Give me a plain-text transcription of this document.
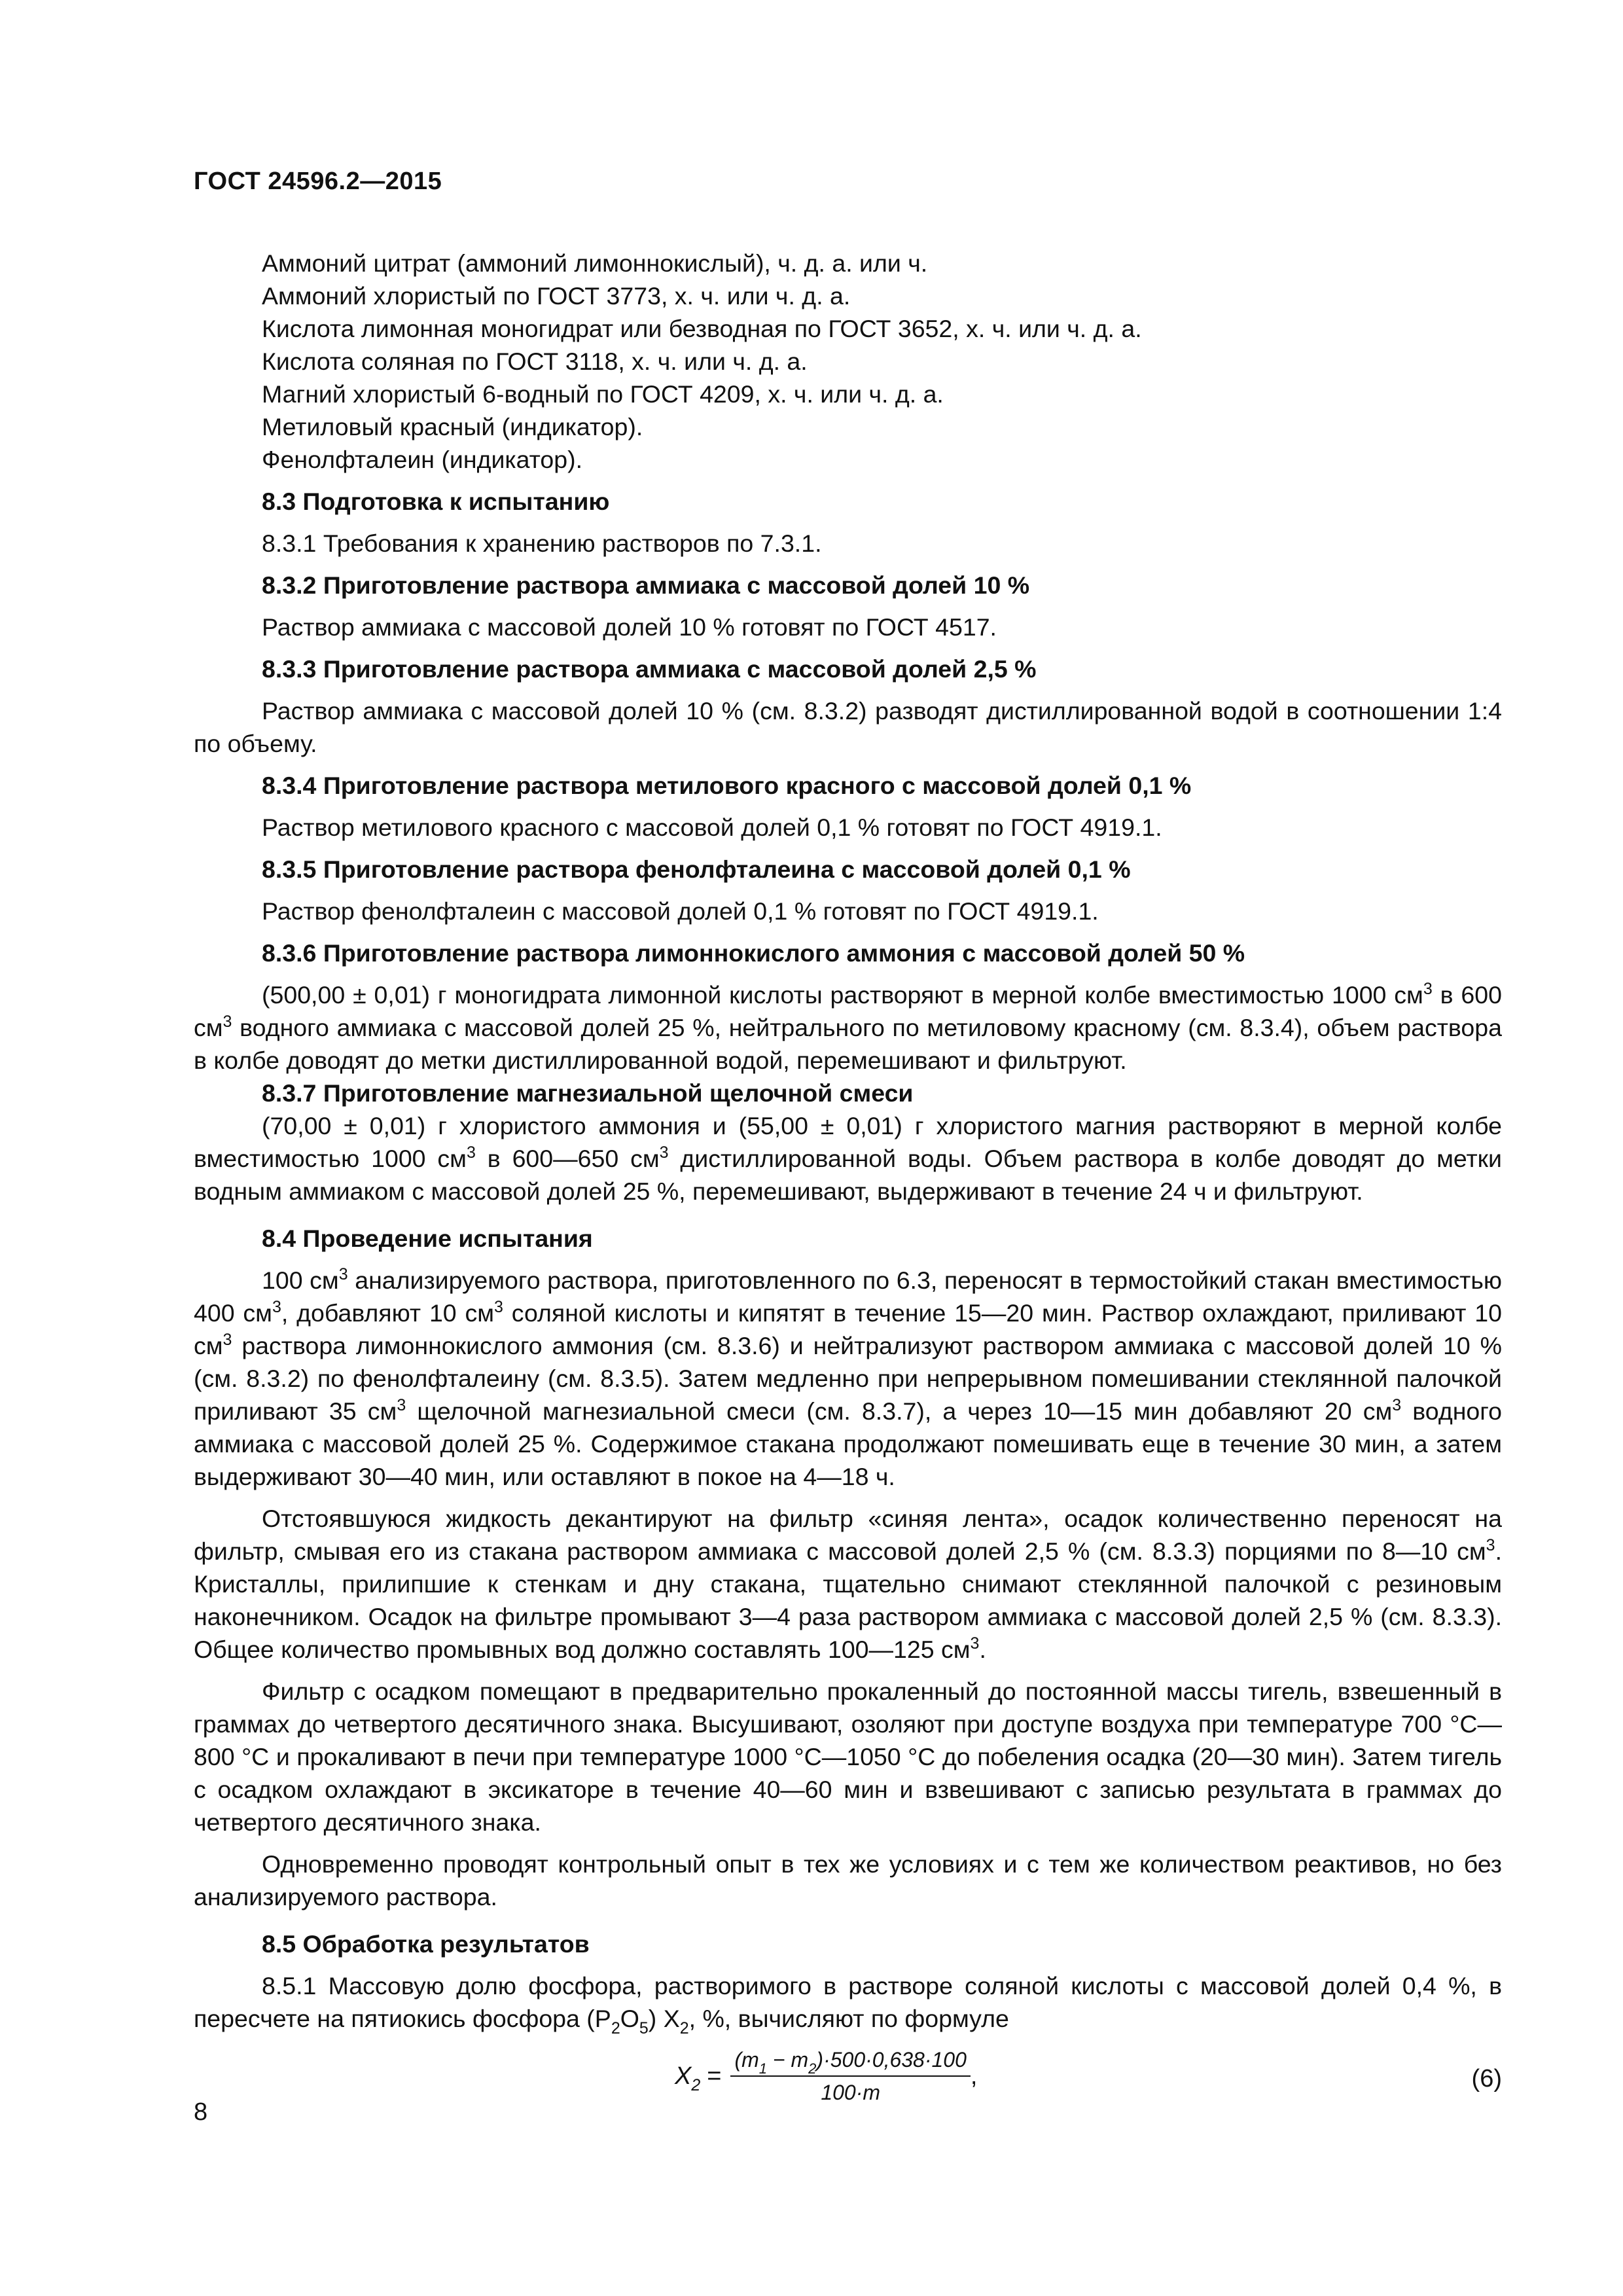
ГОСТ 24596.2—2015

Аммоний цитрат (аммоний лимоннокислый), ч. д. а. или ч.

Аммоний хлористый по ГОСТ 3773, х. ч. или ч. д. а.

Кислота лимонная моногидрат или безводная по ГОСТ 3652, х. ч. или ч. д. а.

Кислота соляная по ГОСТ 3118, х. ч. или ч. д. а.

Магний хлористый 6-водный по ГОСТ 4209, х. ч. или ч. д. а.

Метиловый красный (индикатор).

Фенолфталеин (индикатор).

8.3 Подготовка к испытанию

8.3.1 Требования к хранению растворов по 7.3.1.

8.3.2 Приготовление раствора аммиака с массовой долей 10 %

Раствор аммиака с массовой долей 10 % готовят по ГОСТ 4517.

8.3.3 Приготовление раствора аммиака с массовой долей 2,5 %

Раствор аммиака с массовой долей 10 % (см. 8.3.2) разводят дистиллированной водой в соотношении 1:4 по объему.

8.3.4 Приготовление раствора метилового красного с массовой долей 0,1 %

Раствор метилового красного с массовой долей 0,1 % готовят по ГОСТ 4919.1.

8.3.5 Приготовление раствора фенолфталеина с массовой долей 0,1 %

Раствор фенолфталеин с массовой долей 0,1 % готовят по ГОСТ 4919.1.

8.3.6 Приготовление раствора лимоннокислого аммония с массовой долей 50 %

(500,00 ± 0,01) г моногидрата лимонной кислоты растворяют в мерной колбе вместимостью 1000 $см^3$ в 600 $см^3$ водного аммиака с массовой долей 25 %, нейтрального по метиловому красному (см. 8.3.4), объем раствора в колбе доводят до метки дистиллированной водой, перемешивают и фильтруют.

8.3.7 Приготовление магнезиальной щелочной смеси

(70,00 ± 0,01) г хлористого аммония и (55,00 ± 0,01) г хлористого магния растворяют в мерной колбе вместимостью 1000 $см^3$ в 600—650 $см^3$ дистиллированной воды. Объем раствора в колбе доводят до метки водным аммиаком с массовой долей 25 %, перемешивают, выдерживают в течение 24 ч и фильтруют.

8.4 Проведение испытания

100 $см^3$ анализируемого раствора, приготовленного по 6.3, переносят в термостойкий стакан вместимостью 400 $см^3$, добавляют 10 $см^3$ соляной кислоты и кипятят в течение 15—20 мин. Раствор охлаждают, приливают 10 $см^3$ раствора лимоннокислого аммония (см. 8.3.6) и нейтрализуют раствором аммиака с массовой долей 10 % (см. 8.3.2) по фенолфталеину (см. 8.3.5). Затем медленно при непрерывном помешивании стеклянной палочкой приливают 35 $см^3$ щелочной магнезиальной смеси (см. 8.3.7), а через 10—15 мин добавляют 20 $см^3$ водного аммиака с массовой долей 25 %. Содержимое стакана продолжают помешивать еще в течение 30 мин, а затем выдерживают 30—40 мин, или оставляют в покое на 4—18 ч.

Отстоявшуюся жидкость декантируют на фильтр «синяя лента», осадок количественно переносят на фильтр, смывая его из стакана раствором аммиака с массовой долей 2,5 % (см. 8.3.3) порциями по 8—10 $см^3$. Кристаллы, прилипшие к стенкам и дну стакана, тщательно снимают стеклянной палочкой с резиновым наконечником. Осадок на фильтре промывают 3—4 раза раствором аммиака с массовой долей 2,5 % (см. 8.3.3). Общее количество промывных вод должно составлять 100—125 $см^3$.

Фильтр с осадком помещают в предварительно прокаленный до постоянной массы тигель, взвешенный в граммах до четвертого десятичного знака. Высушивают, озоляют при доступе воздуха при температуре 700 °С—800 °С и прокаливают в печи при температуре 1000 °С—1050 °С до побеления осадка (20—30 мин). Затем тигель с осадком охлаждают в эксикаторе в течение 40—60 мин и взвешивают с записью результата в граммах до четвертого десятичного знака.

Одновременно проводят контрольный опыт в тех же условиях и с тем же количеством реактивов, но без анализируемого раствора.

8.5 Обработка результатов

8.5.1 Массовую долю фосфора, растворимого в растворе соляной кислоты с массовой долей 0,4 %, в пересчете на пятиокись фосфора $(P_2O_5)$ $X_2$, %, вычисляют по формуле

$X_2 = \frac{(m_1 - m_2)\cdot 500\cdot 0,638\cdot 100}{100\cdot m}$ ,	(6)
8
